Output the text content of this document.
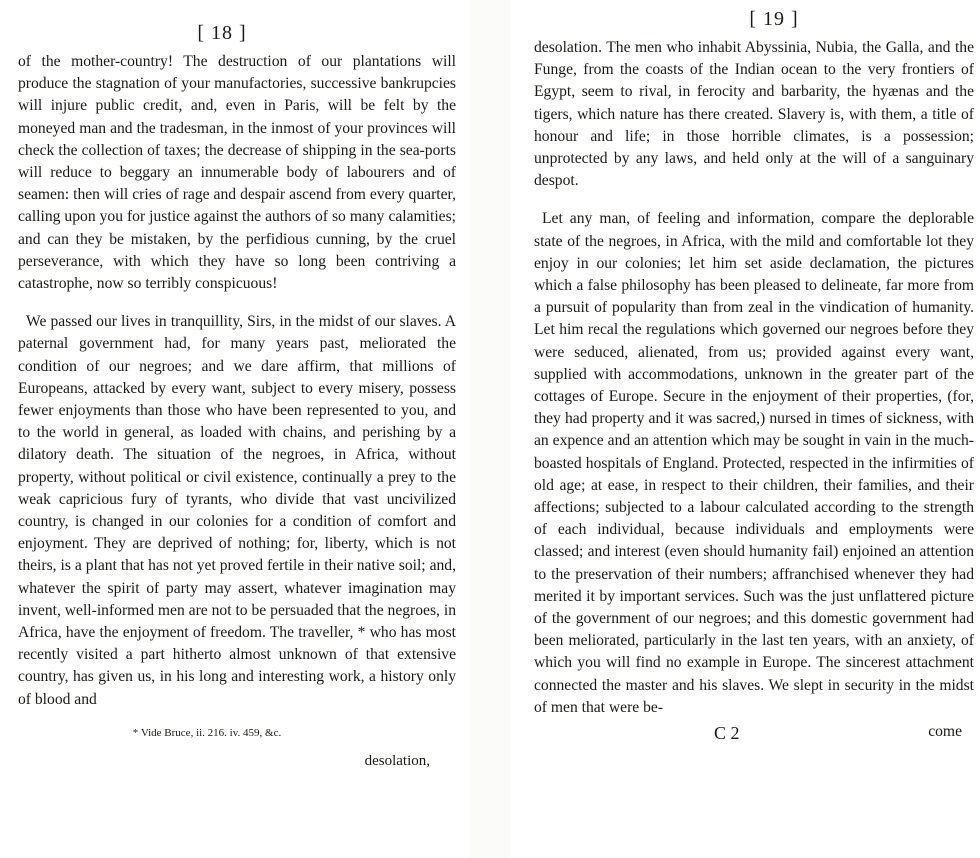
[ 18 ]

of the mother-country! The destruction of our plantations will produce the stagnation of your manufactories, successive bankrupcies will injure public credit, and, even in Paris, will be felt by the moneyed man and the tradesman, in the inmost of your provinces will check the collection of taxes; the decrease of shipping in the sea-ports will reduce to beggary an innumerable body of labourers and of seamen: then will cries of rage and despair ascend from every quarter, calling upon you for justice against the authors of so many calamities; and can they be mistaken, by the perfidious cunning, by the cruel perseverance, with which they have so long been contriving a catastrophe, now so terribly conspicuous!

We passed our lives in tranquillity, Sirs, in the midst of our slaves. A paternal government had, for many years past, meliorated the condition of our negroes; and we dare affirm, that millions of Europeans, attacked by every want, subject to every misery, possess fewer enjoyments than those who have been represented to you, and to the world in general, as loaded with chains, and perishing by a dilatory death. The situation of the negroes, in Africa, without property, without political or civil existence, continually a prey to the weak capricious fury of tyrants, who divide that vast uncivilized country, is changed in our colonies for a condition of comfort and enjoyment. They are deprived of nothing; for, liberty, which is not theirs, is a plant that has not yet proved fertile in their native soil; and, whatever the spirit of party may assert, whatever imagination may invent, well-informed men are not to be persuaded that the negroes, in Africa, have the enjoyment of freedom. The traveller, * who has most recently visited a part hitherto almost unknown of that extensive country, has given us, in his long and interesting work, a history only of blood and

* Vide Bruce, ii. 216. iv. 459, &c.
desolation,
[ 19 ]

desolation. The men who inhabit Abyssinia, Nubia, the Galla, and the Funge, from the coasts of the Indian ocean to the very frontiers of Egypt, seem to rival, in ferocity and barbarity, the hyænas and the tigers, which nature has there created. Slavery is, with them, a title of honour and life; in those horrible climates, is a possession; unprotected by any laws, and held only at the will of a sanguinary despot.

Let any man, of feeling and information, compare the deplorable state of the negroes, in Africa, with the mild and comfortable lot they enjoy in our colonies; let him set aside declamation, the pictures which a false philosophy has been pleased to delineate, far more from a pursuit of popularity than from zeal in the vindication of humanity. Let him recal the regulations which governed our negroes before they were seduced, alienated, from us; provided against every want, supplied with accommodations, unknown in the greater part of the cottages of Europe. Secure in the enjoyment of their properties, (for, they had property and it was sacred,) nursed in times of sickness, with an expence and an attention which may be sought in vain in the much-boasted hospitals of England. Protected, respected in the infirmities of old age; at ease, in respect to their children, their families, and their affections; subjected to a labour calculated according to the strength of each individual, because individuals and employments were classed; and interest (even should humanity fail) enjoined an attention to the preservation of their numbers; affranchised whenever they had merited it by important services. Such was the just unflattered picture of the government of our negroes; and this domestic government had been meliorated, particularly in the last ten years, with an anxiety, of which you will find no example in Europe. The sincerest attachment connected the master and his slaves. We slept in security in the midst of men that were be-

C 2	come
